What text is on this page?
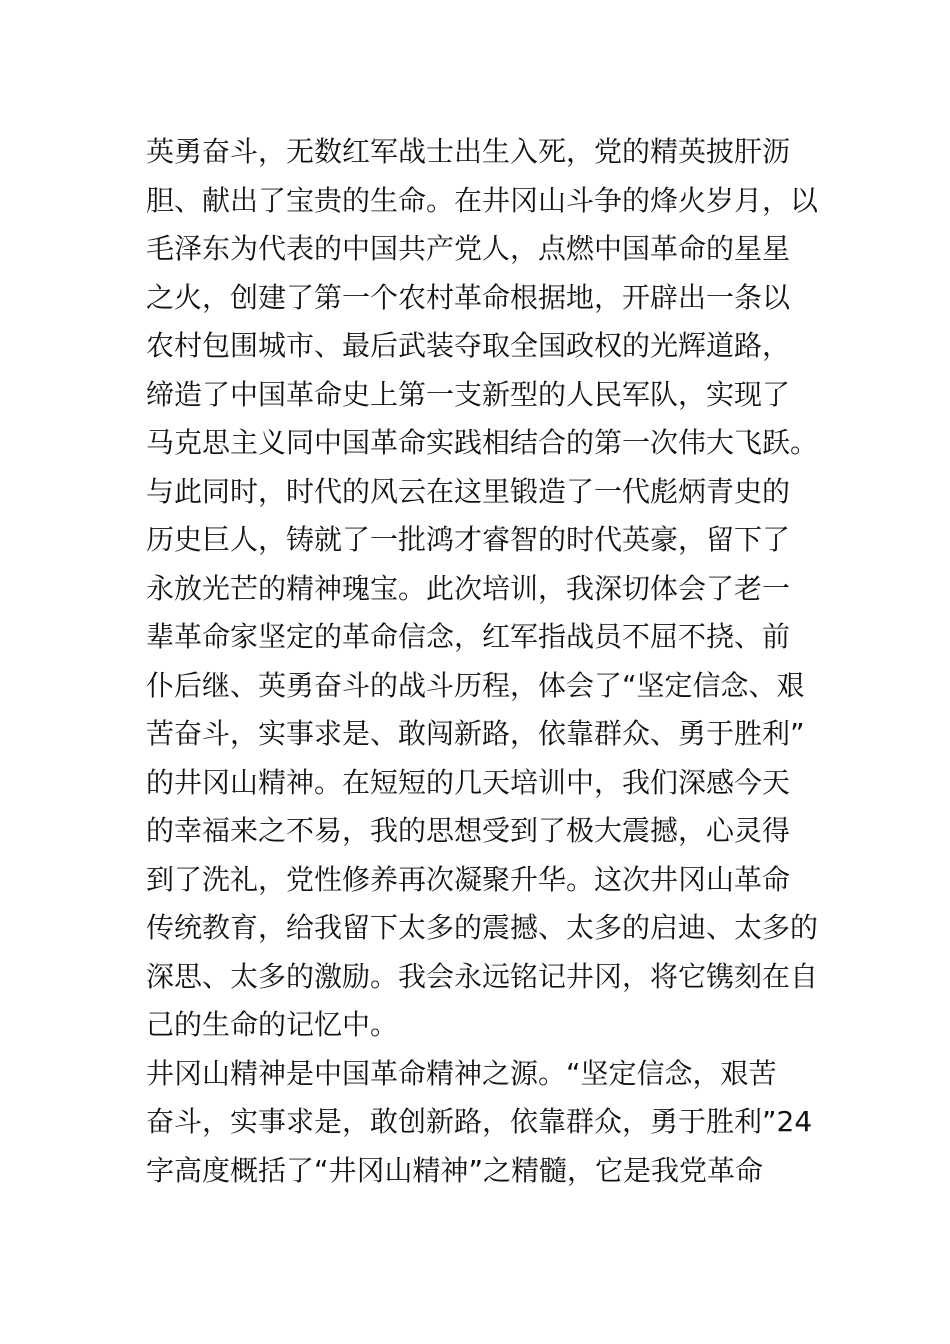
英勇奋斗，无数红军战士出生入死，党的精英披肝沥
胆、献出了宝贵的生命。在井冈山斗争的烽火岁月，以
毛泽东为代表的中国共产党人，点燃中国革命的星星
之火，创建了第一个农村革命根据地，开辟出一条以
农村包围城市、最后武装夺取全国政权的光辉道路，
缔造了中国革命史上第一支新型的人民军队，实现了
马克思主义同中国革命实践相结合的第一次伟大飞跃。
与此同时，时代的风云在这里锻造了一代彪炳青史的
历史巨人，铸就了一批鸿才睿智的时代英豪，留下了
永放光芒的精神瑰宝。此次培训，我深切体会了老一
辈革命家坚定的革命信念，红军指战员不屈不挠、前
仆后继、英勇奋斗的战斗历程，体会了“坚定信念、艰
苦奋斗，实事求是、敢闯新路，依靠群众、勇于胜利”
的井冈山精神。在短短的几天培训中，我们深感今天
的幸福来之不易，我的思想受到了极大震撼，心灵得
到了洗礼，党性修养再次凝聚升华。这次井冈山革命
传统教育，给我留下太多的震撼、太多的启迪、太多的
深思、太多的激励。我会永远铭记井冈，将它镌刻在自
己的生命的记忆中。
井冈山精神是中国革命精神之源。“坚定信念，艰苦
奋斗，实事求是，敢创新路，依靠群众，勇于胜利”24
字高度概括了“井冈山精神”之精髓，它是我党革命
